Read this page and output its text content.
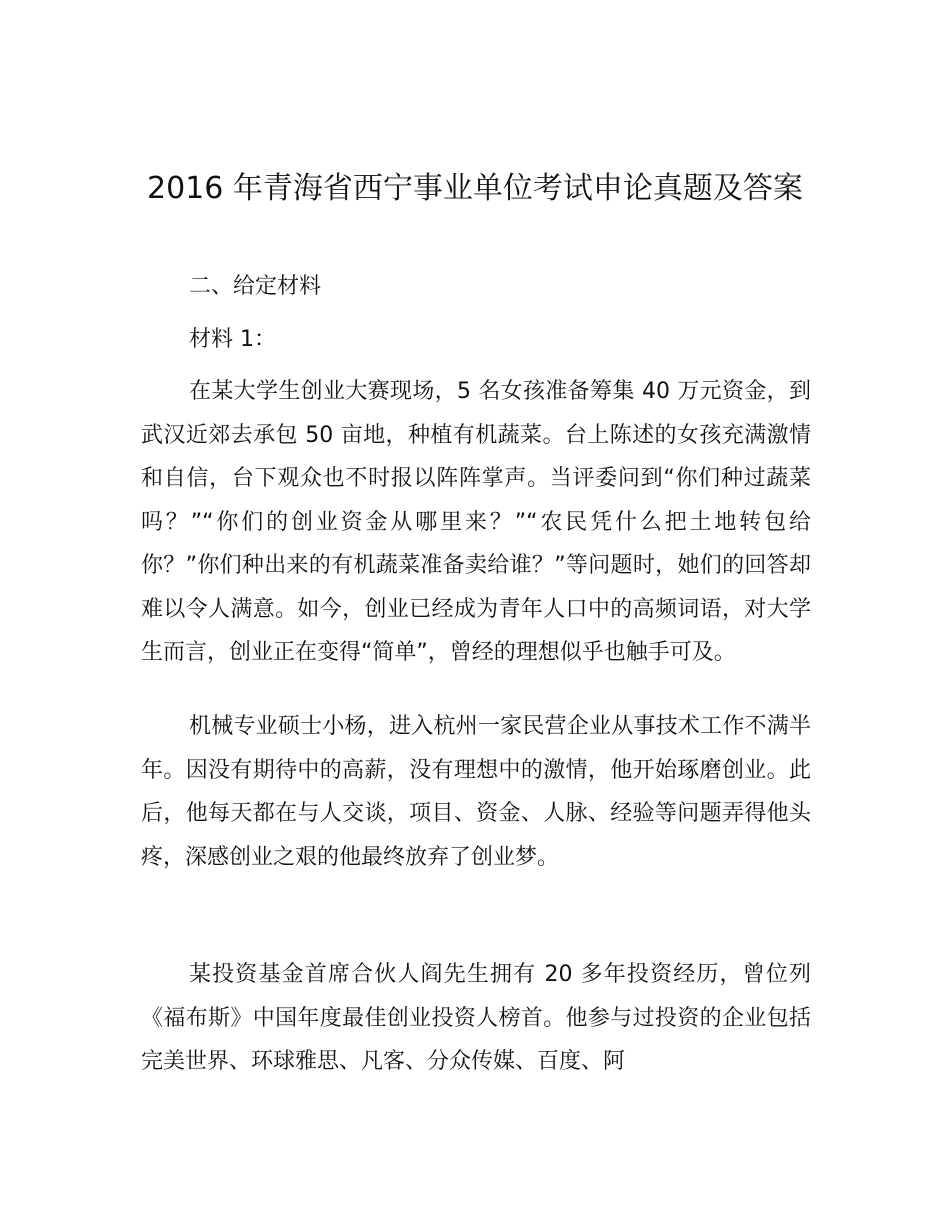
2016 年青海省西宁事业单位考试申论真题及答案

二、给定材料

材料 1：

在某大学生创业大赛现场，5 名女孩准备筹集 40 万元资金，到武汉近郊去承包 50 亩地，种植有机蔬菜。台上陈述的女孩充满激情和自信，台下观众也不时报以阵阵掌声。当评委问到“你们种过蔬菜吗？”“你们的创业资金从哪里来？”“农民凭什么把土地转包给你？”你们种出来的有机蔬菜准备卖给谁？”等问题时，她们的回答却难以令人满意。如今，创业已经成为青年人口中的高频词语，对大学生而言，创业正在变得“简单”，曾经的理想似乎也触手可及。

机械专业硕士小杨，进入杭州一家民营企业从事技术工作不满半年。因没有期待中的高薪，没有理想中的激情，他开始琢磨创业。此后，他每天都在与人交谈，项目、资金、人脉、经验等问题弄得他头疼，深感创业之艰的他最终放弃了创业梦。

某投资基金首席合伙人阎先生拥有 20 多年投资经历，曾位列《福布斯》中国年度最佳创业投资人榜首。他参与过投资的企业包括完美世界、环球雅思、凡客、分众传媒、百度、阿
